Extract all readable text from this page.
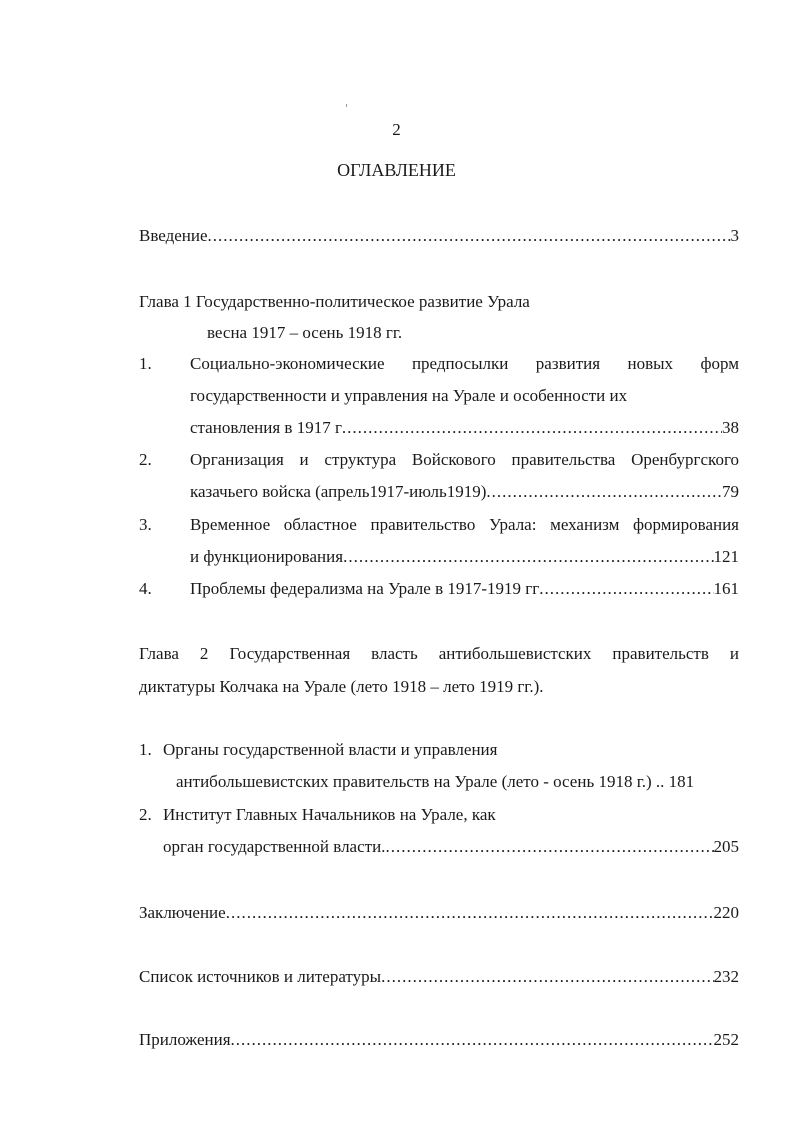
2
ОГЛАВЛЕНИЕ
Введение .....	3
Глава 1 Государственно-политическое развитие Урала
весна 1917 – осень 1918 гг.
1. Социально-экономические предпосылки развития новых форм
государственности и управления на Урале и особенности их
становления в 1917 г .....	38
2. Организация и структура Войскового правительства Оренбургского
казачьего войска (апрель1917-июль1919) .....	79
3. Временное областное правительство Урала: механизм формирования
и функционирования .....	121
4. Проблемы федерализма на Урале в 1917-1919 гг .....	161
Глава 2 Государственная власть антибольшевистских правительств и
диктатуры Колчака на Урале (лето 1918 – лето 1919 гг.).
1. Органы государственной власти и управления
антибольшевистских правительств на Урале (лето - осень 1918 г.) .. 181
2. Институт Главных Начальников на Урале, как
орган государственной власти. .....	205
Заключение .....	220
Список источников и литературы .....	232
Приложения .....	252
